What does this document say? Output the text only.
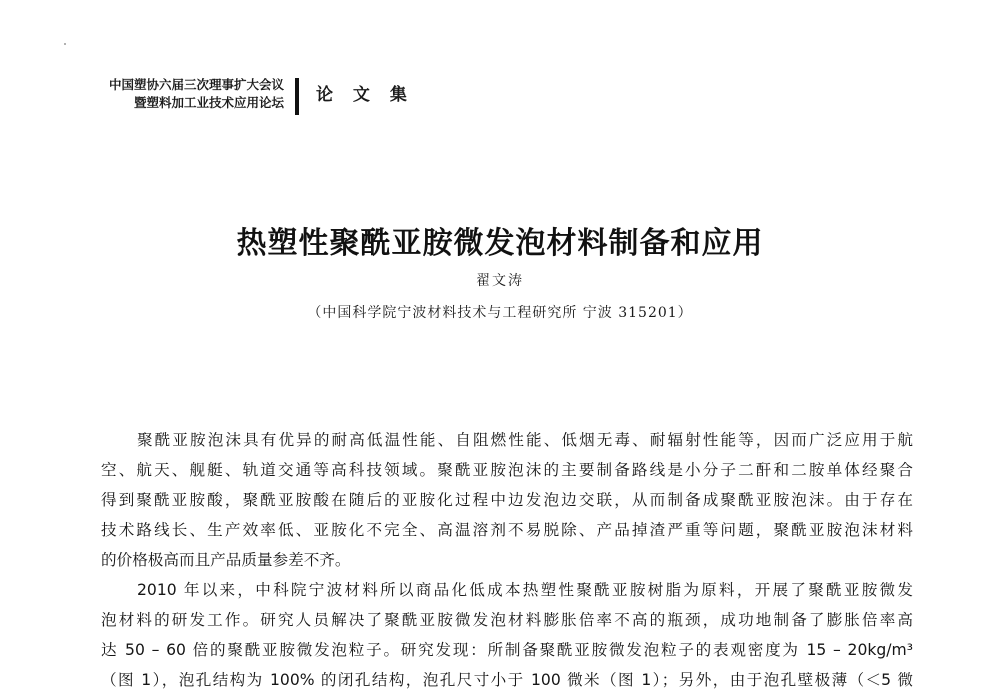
中国塑协六届三次理事扩大会议
暨塑料加工业技术应用论坛 论 文 集
热塑性聚酰亚胺微发泡材料制备和应用
翟文涛
（中国科学院宁波材料技术与工程研究所 宁波 315201）
聚酰亚胺泡沫具有优异的耐高低温性能、自阻燃性能、低烟无毒、耐辐射性能等，因而广泛应用于航
空、航天、舰艇、轨道交通等高科技领域。聚酰亚胺泡沫的主要制备路线是小分子二酐和二胺单体经聚合
得到聚酰亚胺酸，聚酰亚胺酸在随后的亚胺化过程中边发泡边交联，从而制备成聚酰亚胺泡沫。由于存在
技术路线长、生产效率低、亚胺化不完全、高温溶剂不易脱除、产品掉渣严重等问题，聚酰亚胺泡沫材料
的价格极高而且产品质量参差不齐。
2010 年以来，中科院宁波材料所以商品化低成本热塑性聚酰亚胺树脂为原料，开展了聚酰亚胺微发
泡材料的研发工作。研究人员解决了聚酰亚胺微发泡材料膨胀倍率不高的瓶颈，成功地制备了膨胀倍率高
达 50 – 60 倍的聚酰亚胺微发泡粒子。研究发现：所制备聚酰亚胺微发泡粒子的表观密度为 15 – 20kg/m³
（图 1），泡孔结构为 100% 的闭孔结构，泡孔尺寸小于 100 微米（图 1）；另外，由于泡孔壁极薄（＜5 微
